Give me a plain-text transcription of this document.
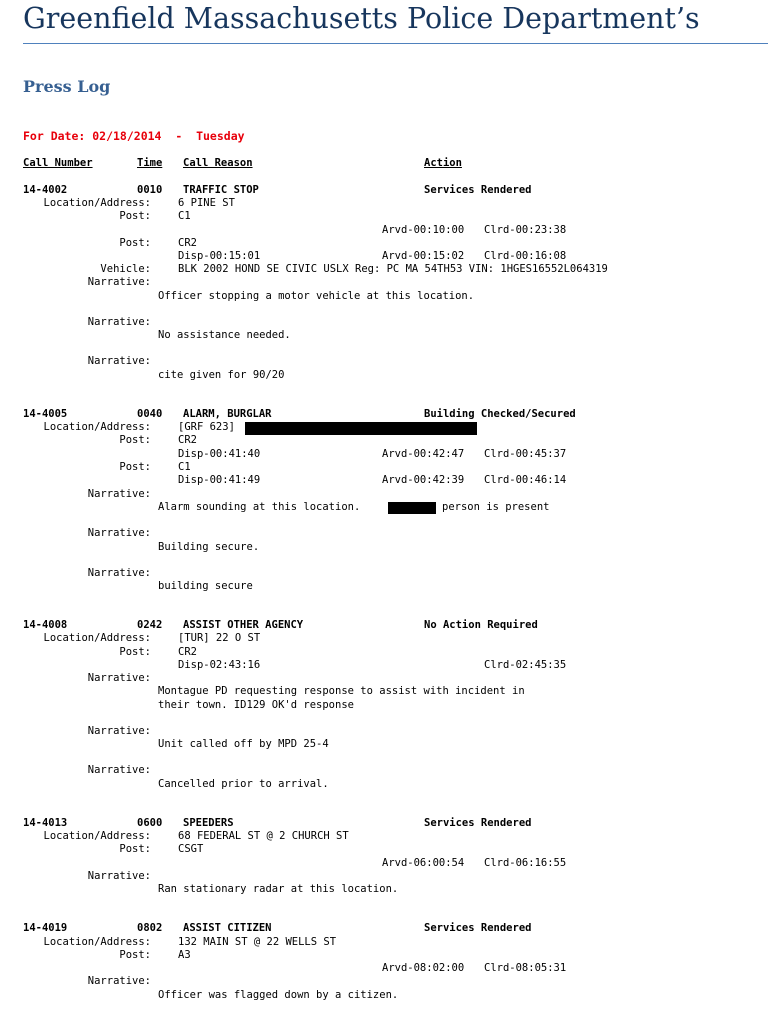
Greenfield Massachusetts Police Department’s
Press Log
For Date: 02/18/2014  -  Tuesday
Call Number	Time Call Reason	Action
14-4002	0010 TRAFFIC STOP	Services Rendered
Location/Address:	6 PINE ST
Post:	C1
Arvd-00:10:00 Clrd-00:23:38
Post:	CR2
Disp-00:15:01	Arvd-00:15:02 Clrd-00:16:08
Vehicle:	BLK 2002 HOND SE CIVIC USLX Reg: PC MA 54TH53 VIN: 1HGES16552L064319
Narrative:
Officer stopping a motor vehicle at this location.
Narrative:
No assistance needed.
Narrative:
cite given for 90/20
14-4005	0040 ALARM, BURGLAR	Building Checked/Secured
Location/Address:	[GRF 623]
Post:	CR2
Disp-00:41:40	Arvd-00:42:47 Clrd-00:45:37
Post:	C1
Disp-00:41:49	Arvd-00:42:39 Clrd-00:46:14
Narrative:
Alarm sounding at this location.	person is present
Narrative:
Building secure.
Narrative:
building secure
14-4008	0242 ASSIST OTHER AGENCY	No Action Required
Location/Address:	[TUR] 22 O ST
Post:	CR2
Disp-02:43:16	Clrd-02:45:35
Narrative:
Montague PD requesting response to assist with incident in
their town. ID129 OK'd response
Narrative:
Unit called off by MPD 25-4
Narrative:
Cancelled prior to arrival.
14-4013	0600 SPEEDERS	Services Rendered
Location/Address:	68 FEDERAL ST @ 2 CHURCH ST
Post:	CSGT
Arvd-06:00:54 Clrd-06:16:55
Narrative:
Ran stationary radar at this location.
14-4019	0802 ASSIST CITIZEN	Services Rendered
Location/Address:	132 MAIN ST @ 22 WELLS ST
Post:	A3
Arvd-08:02:00 Clrd-08:05:31
Narrative:
Officer was flagged down by a citizen.
